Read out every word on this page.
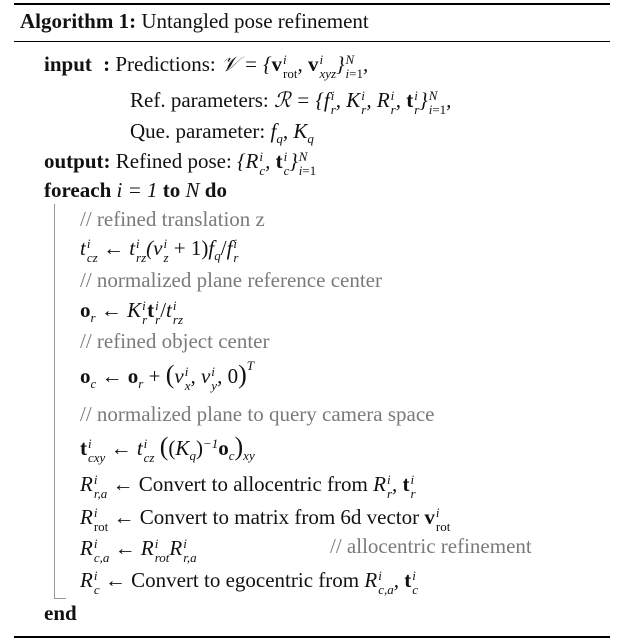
Algorithm 1: Untangled pose refinement
input : Predictions: 𝒱 = {v i
rot , v i
xyz } N
i=1 ,
Ref. parameters: ℛ = {f i
r , K i
r , R i
r , t i
r } N
i=1 ,
Que. parameter: $f_q$, $K_q$
output: Refined pose: {R i
c , t i
c } N
i=1
foreach i = 1 to N do
// refined translation z
t i
cz ← t i
rz (v i
$z + 1)f_q/f$ i
r
// normalized plane reference center
$o_r$ ← K i
r t i
r /t i
rz
// refined object center
$o_c$ ← $o_r + (v$ i
x , v i
y , 0)$^T$
// normalized plane to query camera space
t i
cxy ← t i
cz $((K_q)^{-1}o_c)_{xy}$
R i
r,a ← Convert to allocentric from R i
r , t i
r
R i
rot ← Convert to matrix from 6d vector v i
rot
R i
c,a ← R i
rot R i
r,a	// allocentric refinement
R i
c ← Convert to egocentric from R i
c,a , t i
c
end
